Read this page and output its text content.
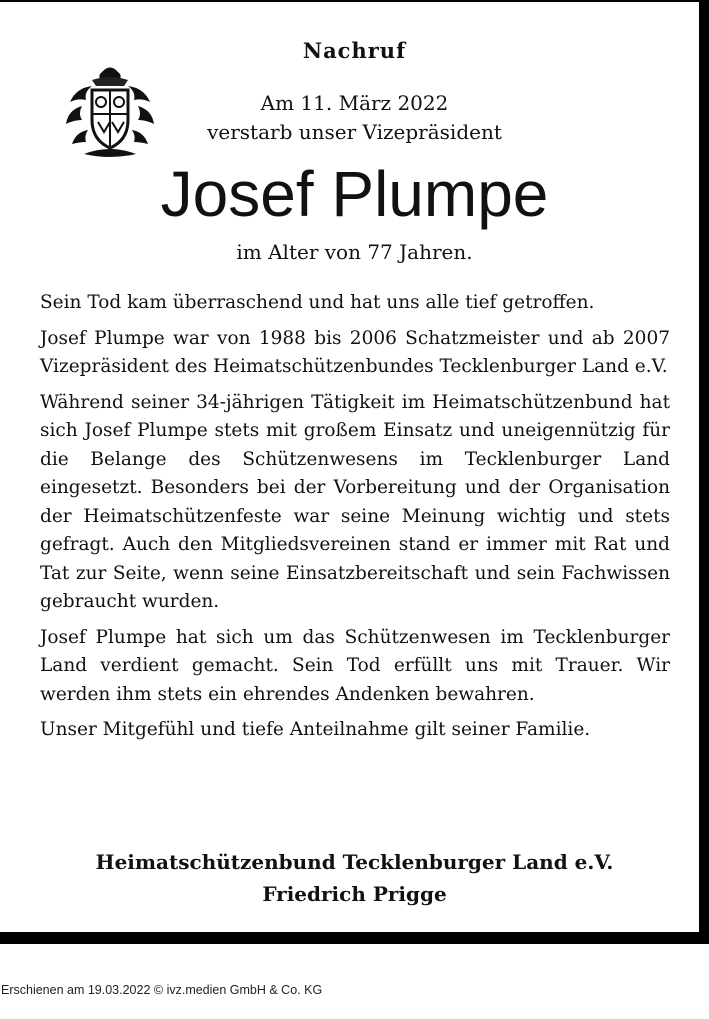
Nachruf
Am 11. März 2022
verstarb unser Vizepräsident
Josef Plumpe
im Alter von 77 Jahren.

Sein Tod kam überraschend und hat uns alle tief getroffen.

Josef Plumpe war von 1988 bis 2006 Schatzmeister und ab 2007 Vizepräsident des Heimatschützenbundes Tecklenburger Land e.V.

Während seiner 34-jährigen Tätigkeit im Heimatschützenbund hat sich Josef Plumpe stets mit großem Einsatz und uneigennützig für die Belange des Schützenwesens im Tecklenburger Land eingesetzt. Besonders bei der Vorbereitung und der Organisation der Heimatschützenfeste war seine Meinung wichtig und stets gefragt. Auch den Mitgliedsvereinen stand er immer mit Rat und Tat zur Seite, wenn seine Einsatzbereitschaft und sein Fachwissen gebraucht wurden.

Josef Plumpe hat sich um das Schützenwesen im Tecklenburger Land verdient gemacht. Sein Tod erfüllt uns mit Trauer. Wir werden ihm stets ein ehrendes Andenken bewahren.

Unser Mitgefühl und tiefe Anteilnahme gilt seiner Familie.

Heimatschützenbund Tecklenburger Land e.V.
Friedrich Prigge
Erschienen am 19.03.2022 © ivz.medien GmbH & Co. KG
